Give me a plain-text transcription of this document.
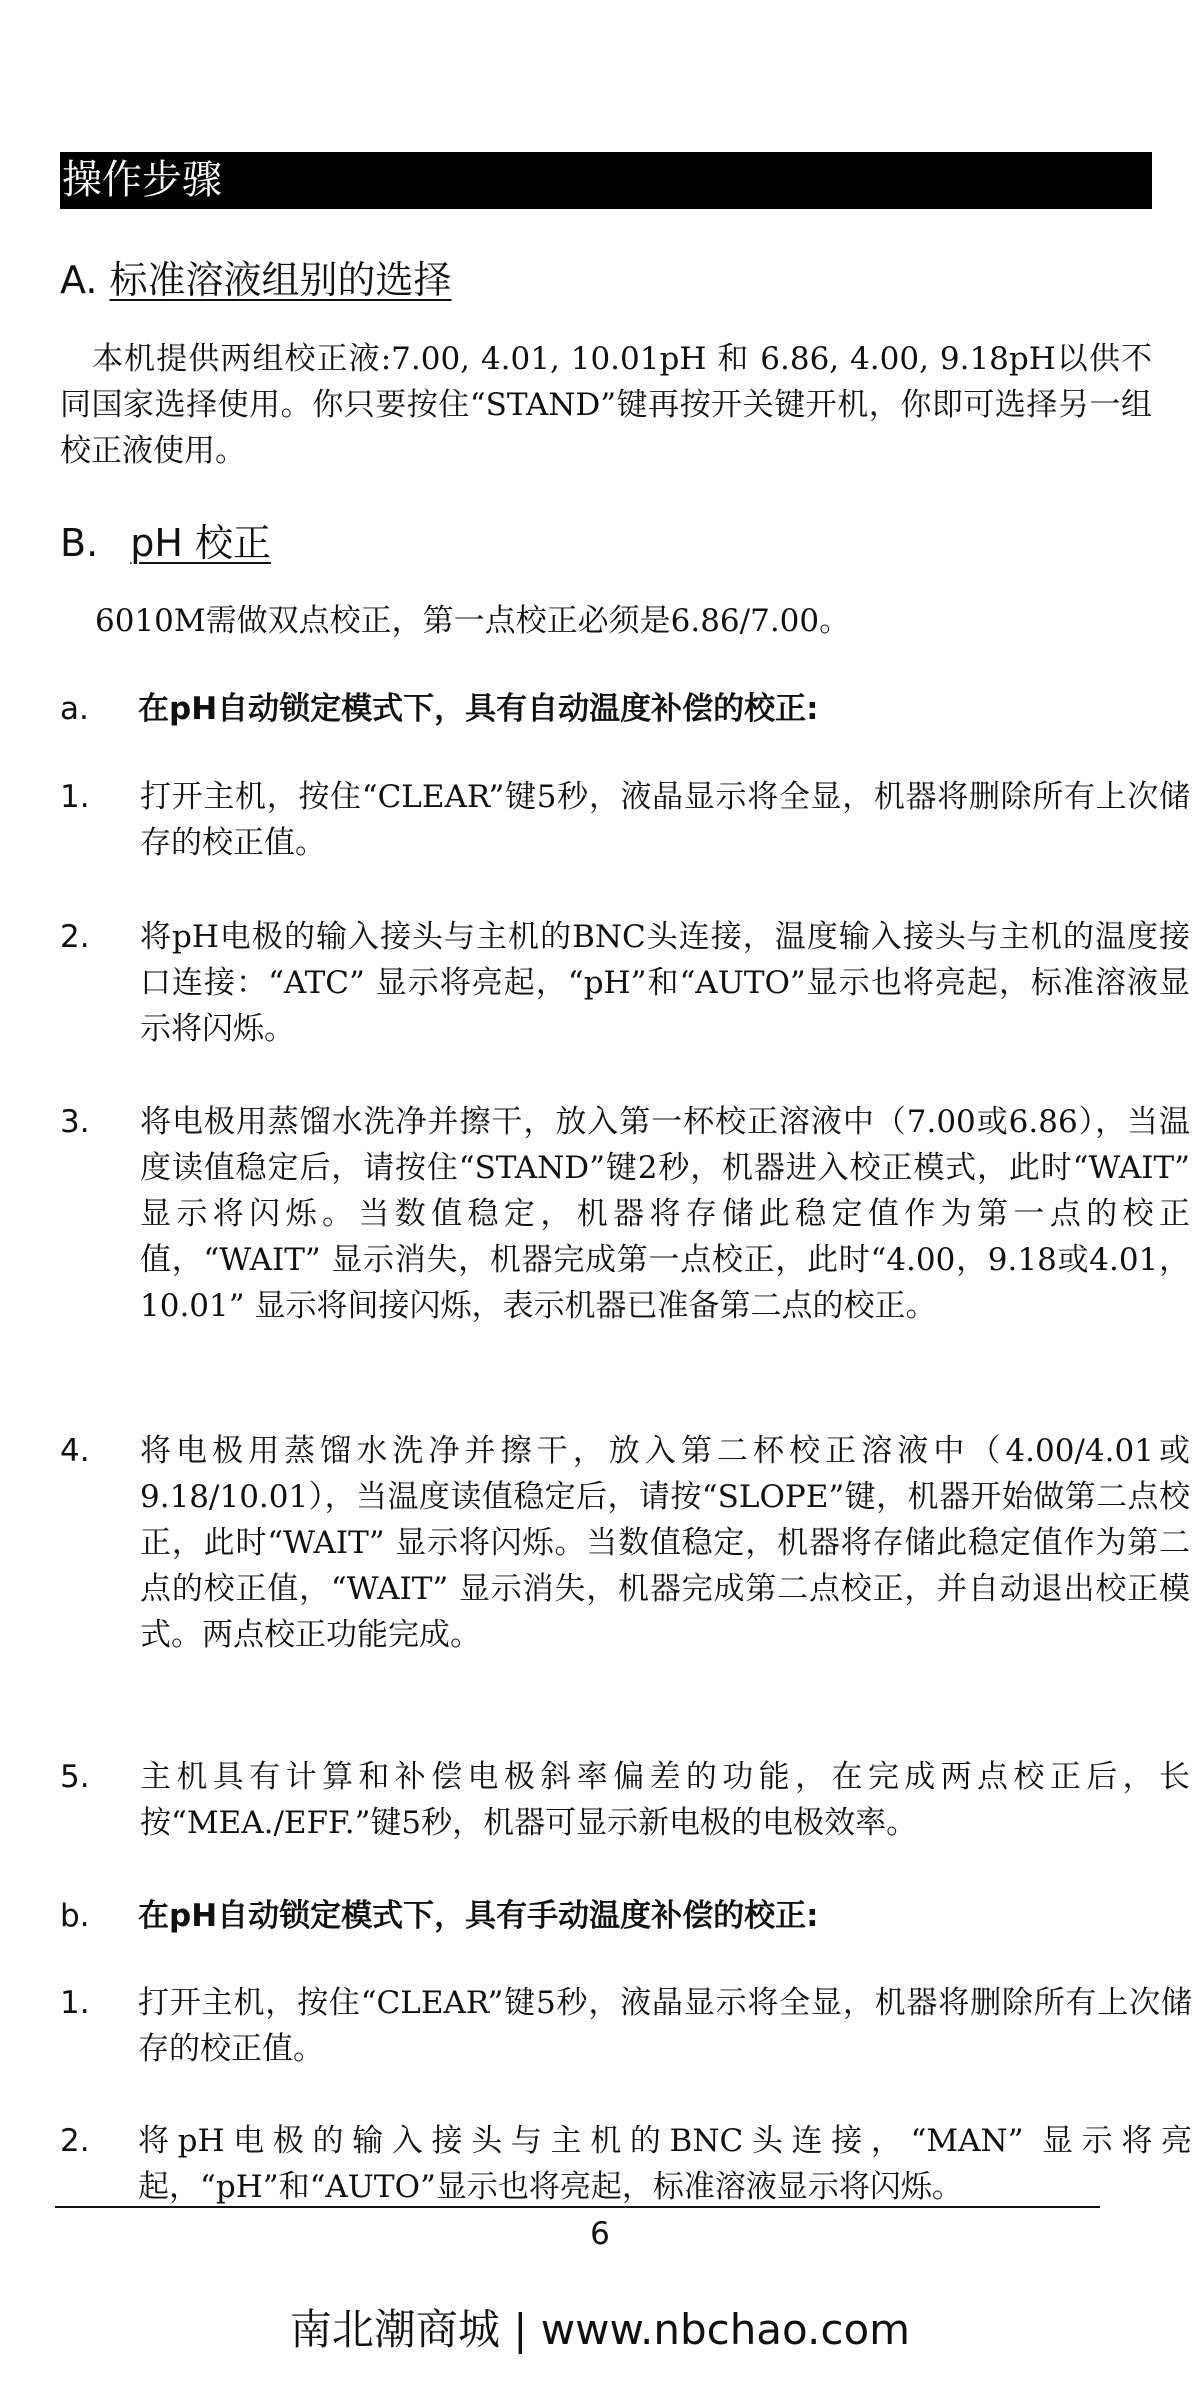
操作步骤
A. 标准溶液组别的选择
　本机提供两组校正液:7.00, 4.01, 10.01pH 和 6.86, 4.00, 9.18pH以供不同国家选择使用。你只要按住“STAND”键再按开关键开机，你即可选择另一组校正液使用。
B. pH 校正
6010M需做双点校正，第一点校正必须是6.86/7.00。
a. 在pH自动锁定模式下，具有自动温度补偿的校正:
1. 打开主机，按住“CLEAR”键5秒，液晶显示将全显，机器将删除所有上次储存的校正值。
2. 将pH电极的输入接头与主机的BNC头连接，温度输入接头与主机的温度接口连接：“ATC” 显示将亮起，“pH”和“AUTO”显示也将亮起，标准溶液显示将闪烁。
3. 将电极用蒸馏水洗净并擦干，放入第一杯校正溶液中（7.00或6.86），当温度读值稳定后，请按住“STAND”键2秒，机器进入校正模式，此时“WAIT” 显示将闪烁。当数值稳定，机器将存储此稳定值作为第一点的校正值，“WAIT” 显示消失，机器完成第一点校正，此时“4.00，9.18或4.01，10.01” 显示将间接闪烁，表示机器已准备第二点的校正。
4. 将电极用蒸馏水洗净并擦干，放入第二杯校正溶液中（4.00/4.01或9.18/10.01），当温度读值稳定后，请按“SLOPE”键，机器开始做第二点校正，此时“WAIT” 显示将闪烁。当数值稳定，机器将存储此稳定值作为第二点的校正值，“WAIT” 显示消失，机器完成第二点校正，并自动退出校正模式。两点校正功能完成。
5. 主机具有计算和补偿电极斜率偏差的功能，在完成两点校正后，长按“MEA./EFF.”键5秒，机器可显示新电极的电极效率。
b. 在pH自动锁定模式下，具有手动温度补偿的校正:
1. 打开主机，按住“CLEAR”键5秒，液晶显示将全显，机器将删除所有上次储存的校正值。
2. 将pH电极的输入接头与主机的BNC头连接，“MAN” 显示将亮起，“pH”和“AUTO”显示也将亮起，标准溶液显示将闪烁。
6
南北潮商城 | www.nbchao.com
